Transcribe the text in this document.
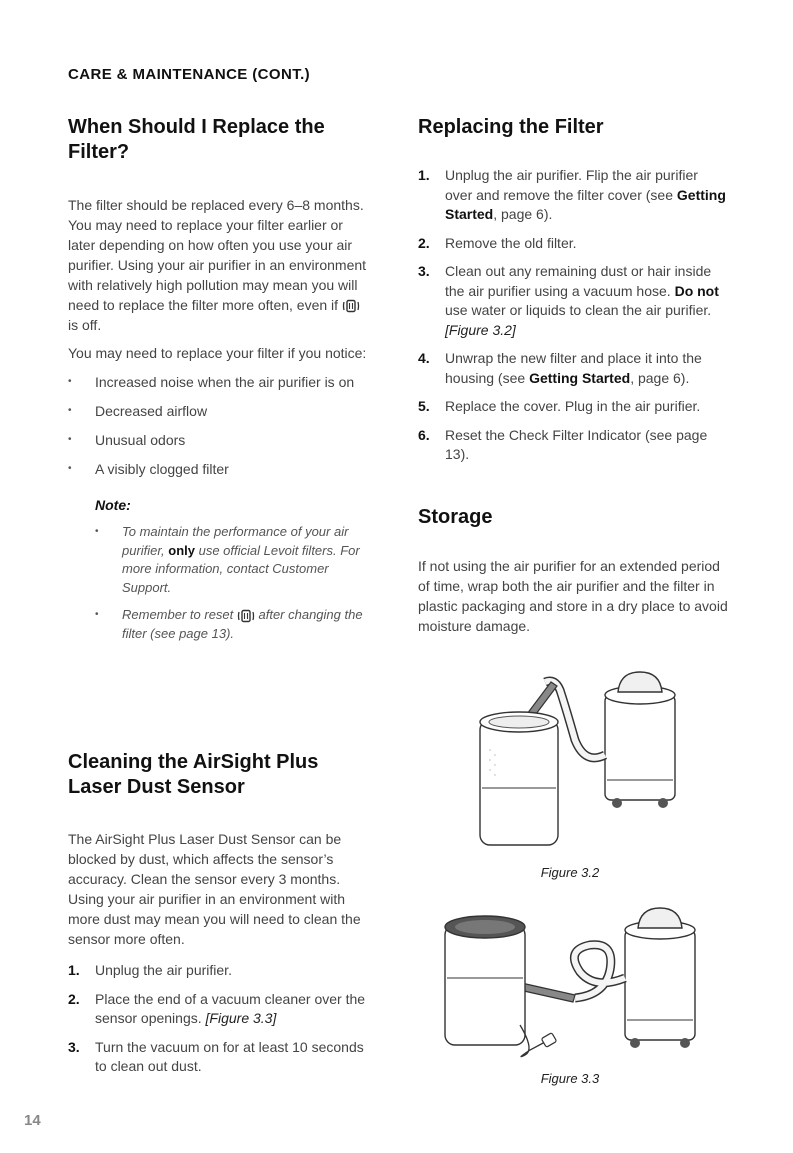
CARE & MAINTENANCE (CONT.)
When Should I Replace the Filter?

The filter should be replaced every 6–8 months. You may need to replace your filter earlier or later depending on how often you use your air purifier. Using your air purifier in an environment with relatively high pollution may mean you will need to replace the filter more often, even if  is off.

You may need to replace your filter if you notice:

• Increased noise when the air purifier is on
• Decreased airflow
• Unusual odors
• A visibly clogged filter
Note:
• To maintain the performance of your air purifier, only use official Levoit filters. For more information, contact Customer Support.
• Remember to reset  after changing the filter (see page 13).
Cleaning the AirSight Plus Laser Dust Sensor

The AirSight Plus Laser Dust Sensor can be blocked by dust, which affects the sensor’s accuracy. Clean the sensor every 3 months. Using your air purifier in an environment with more dust may mean you will need to clean the sensor more often.

1. Unplug the air purifier.
2. Place the end of a vacuum cleaner over the sensor openings. [Figure 3.3]
3. Turn the vacuum on for at least 10 seconds to clean out dust.
Replacing the Filter
1. Unplug the air purifier. Flip the air purifier over and remove the filter cover (see Getting Started, page 6).
2. Remove the old filter.
3. Clean out any remaining dust or hair inside the air purifier using a vacuum hose. Do not use water or liquids to clean the air purifier. [Figure 3.2]
4. Unwrap the new filter and place it into the housing (see Getting Started, page 6).
5. Replace the cover. Plug in the air purifier.
6. Reset the Check Filter Indicator (see page 13).
Storage

If not using the air purifier for an extended period of time, wrap both the air purifier and the filter in plastic packaging and store in a dry place to avoid moisture damage.

Figure 3.2
Figure 3.3
14
